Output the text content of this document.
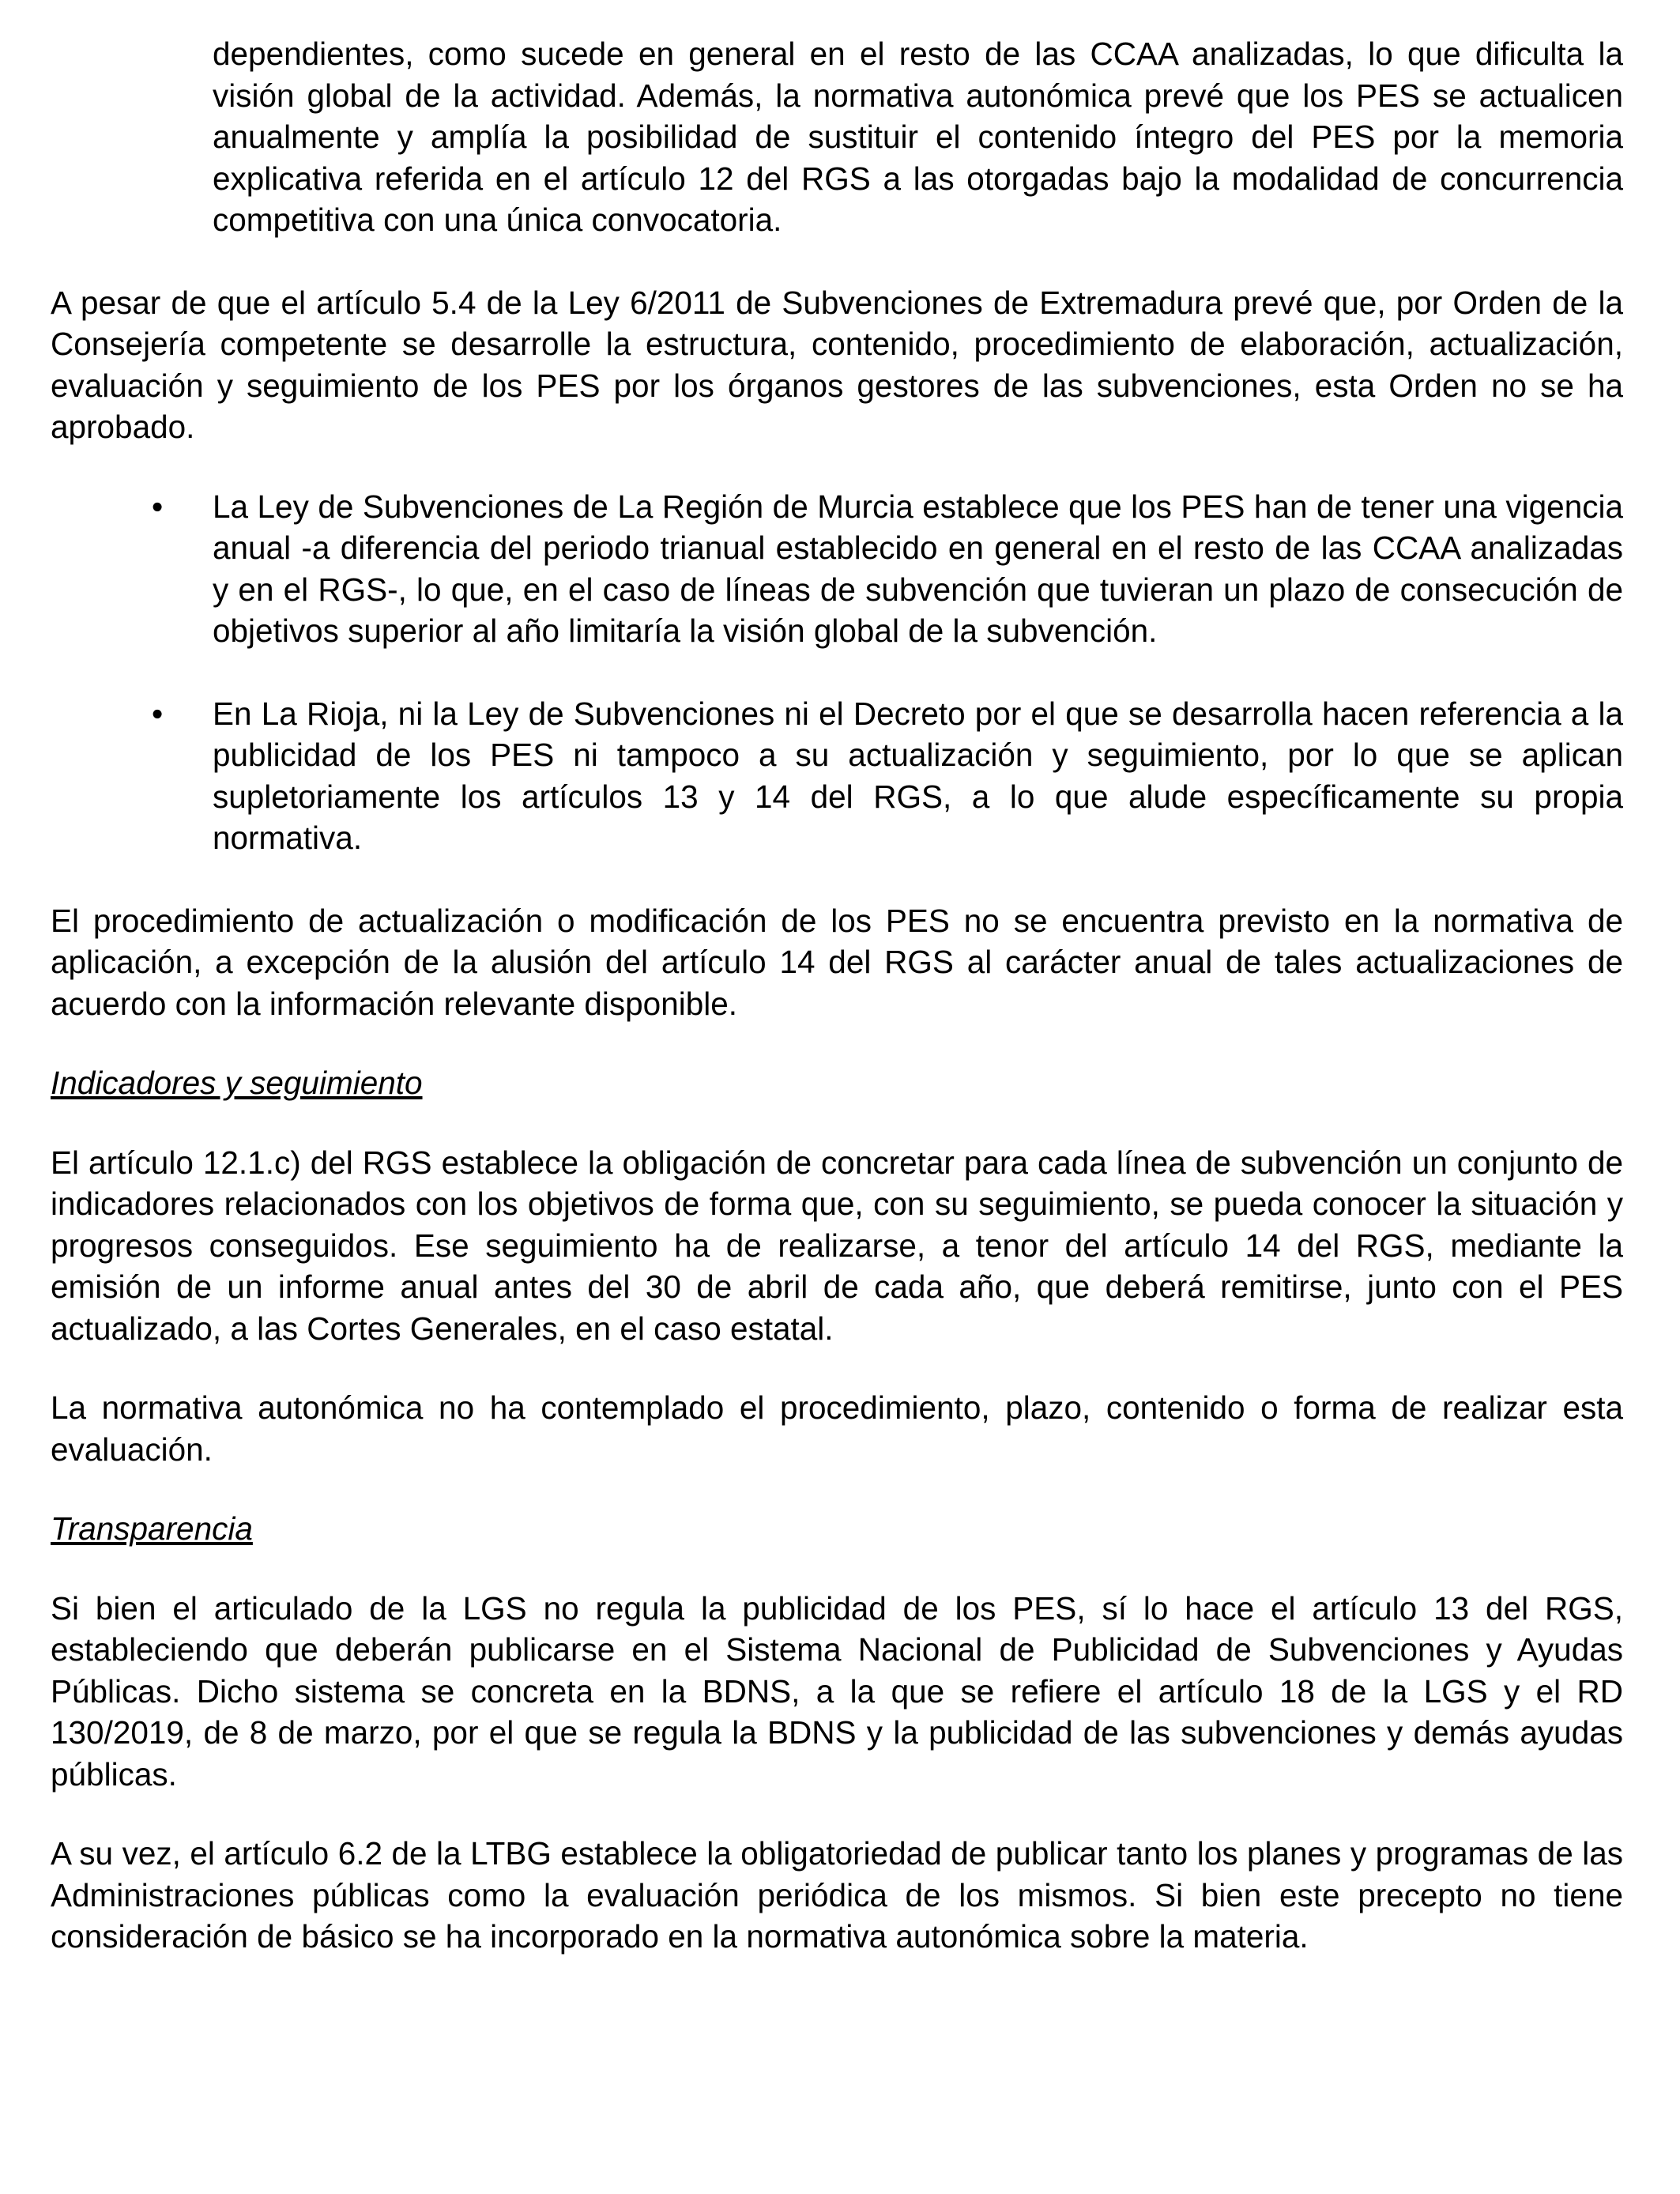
dependientes, como sucede en general en el resto de las CCAA analizadas, lo que dificulta la visión global de la actividad. Además, la normativa autonómica prevé que los PES se actualicen anualmente y amplía la posibilidad de sustituir el contenido íntegro del PES por la memoria explicativa referida en el artículo 12 del RGS a las otorgadas bajo la modalidad de concurrencia competitiva con una única convocatoria.

A pesar de que el artículo 5.4 de la Ley 6/2011 de Subvenciones de Extremadura prevé que, por Orden de la Consejería competente se desarrolle la estructura, contenido, procedimiento de elaboración, actualización, evaluación y seguimiento de los PES por los órganos gestores de las subvenciones, esta Orden no se ha aprobado.

• La Ley de Subvenciones de La Región de Murcia establece que los PES han de tener una vigencia anual -a diferencia del periodo trianual establecido en general en el resto de las CCAA analizadas y en el RGS-, lo que, en el caso de líneas de subvención que tuvieran un plazo de consecución de objetivos superior al año limitaría la visión global de la subvención.

• En La Rioja, ni la Ley de Subvenciones ni el Decreto por el que se desarrolla hacen referencia a la publicidad de los PES ni tampoco a su actualización y seguimiento, por lo que se aplican supletoriamente los artículos 13 y 14 del RGS, a lo que alude específicamente su propia normativa.

El procedimiento de actualización o modificación de los PES no se encuentra previsto en la normativa de aplicación, a excepción de la alusión del artículo 14 del RGS al carácter anual de tales actualizaciones de acuerdo con la información relevante disponible.

Indicadores y seguimiento

El artículo 12.1.c) del RGS establece la obligación de concretar para cada línea de subvención un conjunto de indicadores relacionados con los objetivos de forma que, con su seguimiento, se pueda conocer la situación y progresos conseguidos. Ese seguimiento ha de realizarse, a tenor del artículo 14 del RGS, mediante la emisión de un informe anual antes del 30 de abril de cada año, que deberá remitirse, junto con el PES actualizado, a las Cortes Generales, en el caso estatal.

La normativa autonómica no ha contemplado el procedimiento, plazo, contenido o forma de realizar esta evaluación.

Transparencia

Si bien el articulado de la LGS no regula la publicidad de los PES, sí lo hace el artículo 13 del RGS, estableciendo que deberán publicarse en el Sistema Nacional de Publicidad de Subvenciones y Ayudas Públicas. Dicho sistema se concreta en la BDNS, a la que se refiere el artículo 18 de la LGS y el RD 130/2019, de 8 de marzo, por el que se regula la BDNS y la publicidad de las subvenciones y demás ayudas públicas.

A su vez, el artículo 6.2 de la LTBG establece la obligatoriedad de publicar tanto los planes y programas de las Administraciones públicas como la evaluación periódica de los mismos. Si bien este precepto no tiene consideración de básico se ha incorporado en la normativa autonómica sobre la materia.
